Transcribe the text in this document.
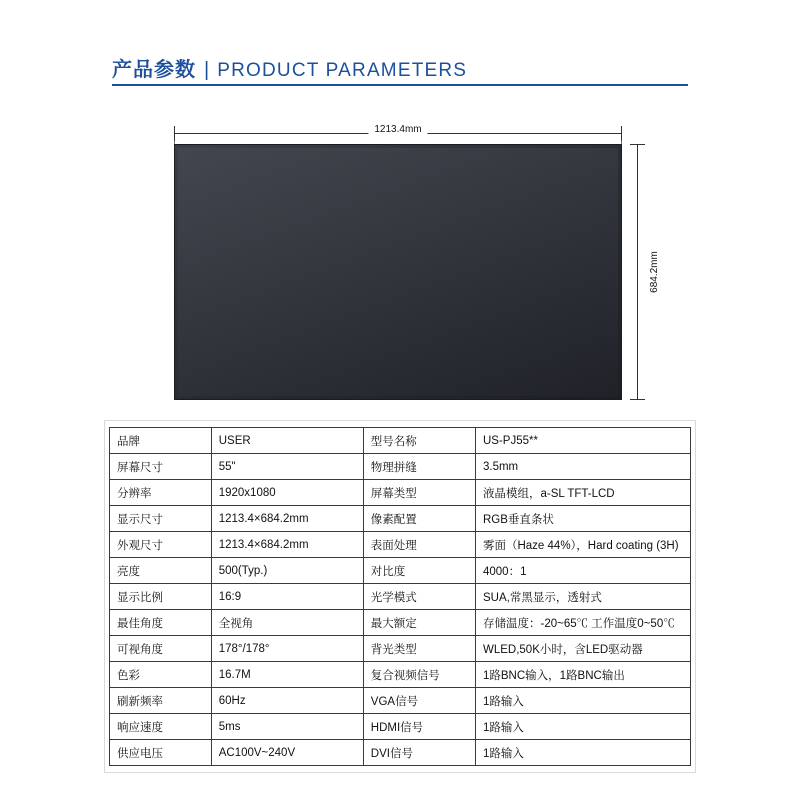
产品参数 | PRODUCT PARAMETERS
1213.4mm
684.2mm
品牌	USER	型号名称	US-PJ55**
屏幕尺寸	55"	物理拼缝	3.5mm
分辨率	1920x1080	屏幕类型	液晶模组，a-SL TFT-LCD
显示尺寸	1213.4×684.2mm	像素配置	RGB垂直条状
外观尺寸	1213.4×684.2mm	表面处理	雾面（Haze 44%），Hard coating (3H)
亮度	500(Typ.)	对比度	4000：1
显示比例	16:9	光学模式	SUA,常黑显示，透射式
最佳角度	全视角	最大额定	存储温度：-20~65℃ 工作温度0~50℃
可视角度	178°/178°	背光类型	WLED,50K小时，含LED驱动器
色彩	16.7M	复合视频信号	1路BNC输入，1路BNC输出
刷新频率	60Hz	VGA信号	1路输入
响应速度	5ms	HDMI信号	1路输入
供应电压	AC100V~240V	DVI信号	1路输入
